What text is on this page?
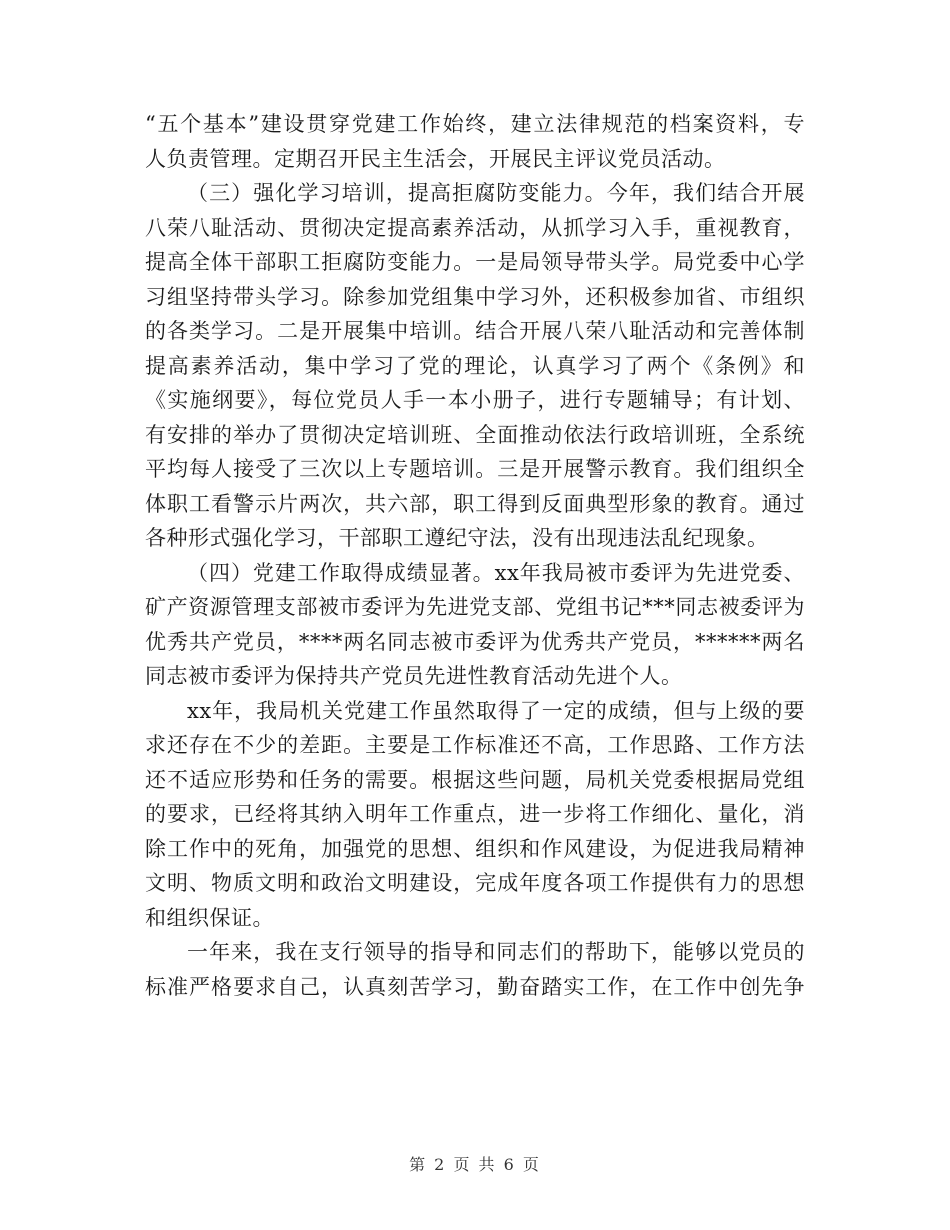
“五个基本”建设贯穿党建工作始终，建立法律规范的档案资料，专
人负责管理。定期召开民主生活会，开展民主评议党员活动。
（三）强化学习培训，提高拒腐防变能力。今年，我们结合开展
八荣八耻活动、贯彻决定提高素养活动，从抓学习入手，重视教育，
提高全体干部职工拒腐防变能力。一是局领导带头学。局党委中心学
习组坚持带头学习。除参加党组集中学习外，还积极参加省、市组织
的各类学习。二是开展集中培训。结合开展八荣八耻活动和完善体制
提高素养活动，集中学习了党的理论，认真学习了两个《条例》和
《实施纲要》，每位党员人手一本小册子，进行专题辅导；有计划、
有安排的举办了贯彻决定培训班、全面推动依法行政培训班，全系统
平均每人接受了三次以上专题培训。三是开展警示教育。我们组织全
体职工看警示片两次，共六部，职工得到反面典型形象的教育。通过
各种形式强化学习，干部职工遵纪守法，没有出现违法乱纪现象。
（四）党建工作取得成绩显著。xx年我局被市委评为先进党委、
矿产资源管理支部被市委评为先进党支部、党组书记***同志被委评为
优秀共产党员，****两名同志被市委评为优秀共产党员，******两名
同志被市委评为保持共产党员先进性教育活动先进个人。
xx年，我局机关党建工作虽然取得了一定的成绩，但与上级的要
求还存在不少的差距。主要是工作标准还不高，工作思路、工作方法
还不适应形势和任务的需要。根据这些问题，局机关党委根据局党组
的要求，已经将其纳入明年工作重点，进一步将工作细化、量化，消
除工作中的死角，加强党的思想、组织和作风建设，为促进我局精神
文明、物质文明和政治文明建设，完成年度各项工作提供有力的思想
和组织保证。
一年来，我在支行领导的指导和同志们的帮助下，能够以党员的
标准严格要求自己，认真刻苦学习，勤奋踏实工作，在工作中创先争
第 2 页 共 6 页
